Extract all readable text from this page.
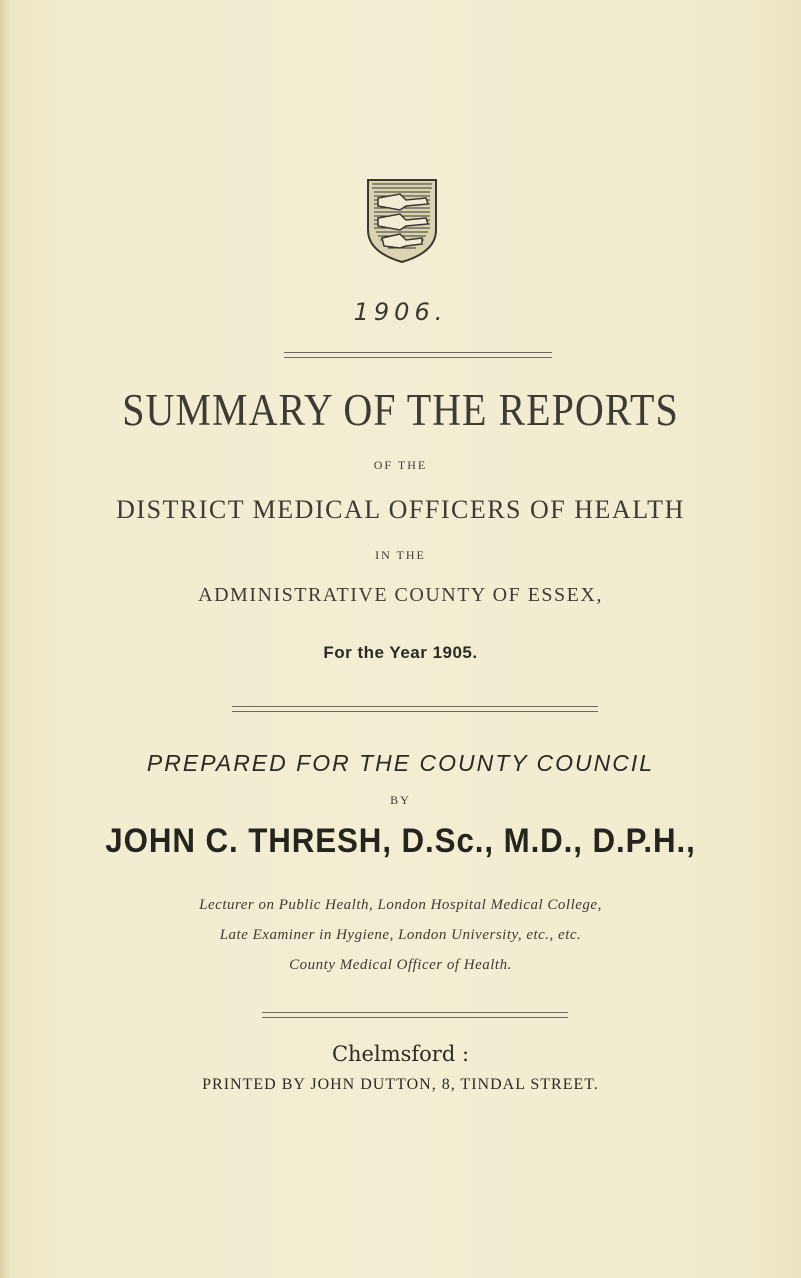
1906.
SUMMARY OF THE REPORTS
OF THE
DISTRICT MEDICAL OFFICERS OF HEALTH
IN THE
ADMINISTRATIVE COUNTY OF ESSEX,
For the Year 1905.
PREPARED FOR THE COUNTY COUNCIL
BY
JOHN C. THRESH, D.Sc., M.D., D.P.H.,
Lecturer on Public Health, London Hospital Medical College,
Late Examiner in Hygiene, London University, etc., etc.
County Medical Officer of Health.
Chelmsford :
PRINTED BY JOHN DUTTON, 8, TINDAL STREET.
